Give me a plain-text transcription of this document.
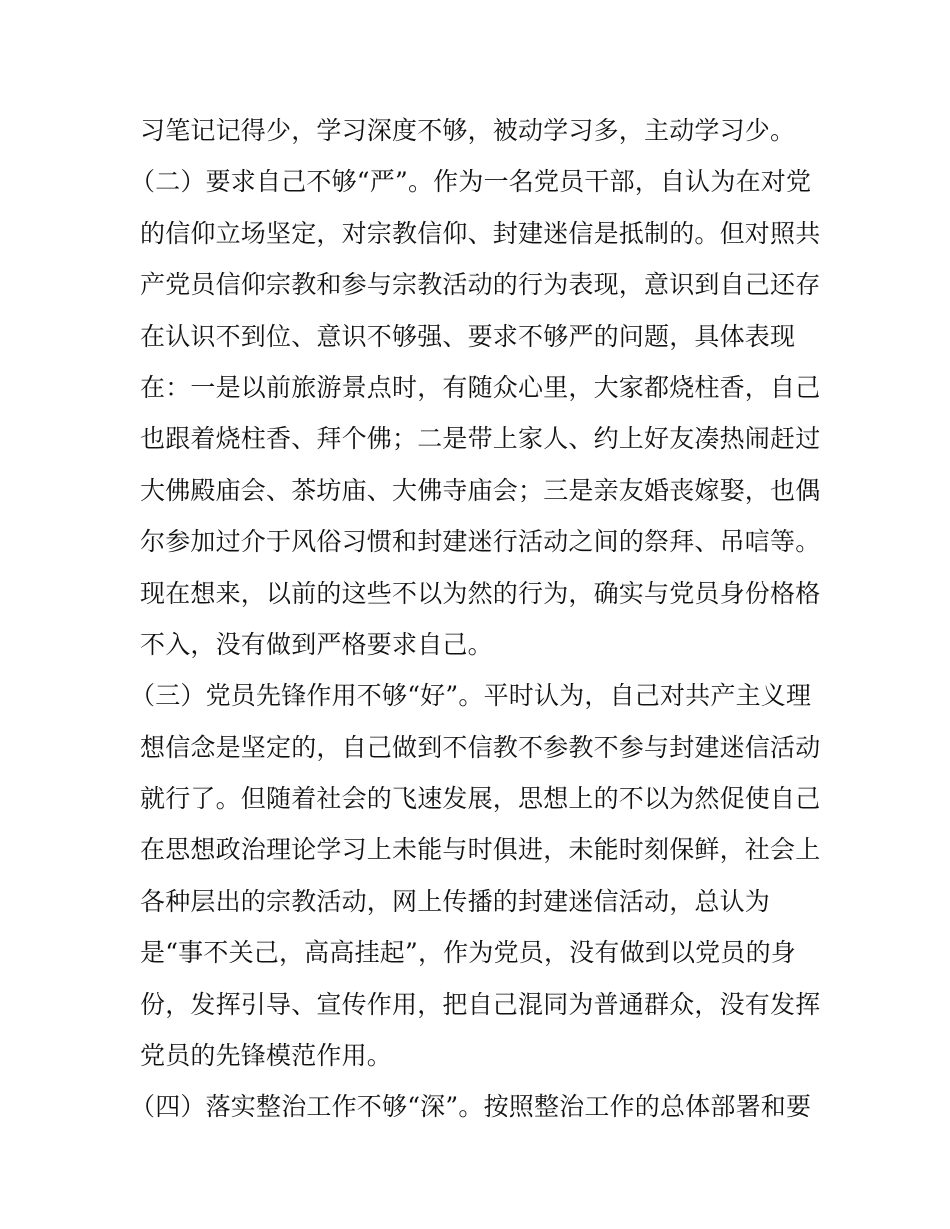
习笔记记得少，学习深度不够，被动学习多，主动学习少。
（二）要求自己不够“严”。作为一名党员干部，自认为在对党
的信仰立场坚定，对宗教信仰、封建迷信是抵制的。但对照共
产党员信仰宗教和参与宗教活动的行为表现，意识到自己还存
在认识不到位、意识不够强、要求不够严的问题，具体表现
在：一是以前旅游景点时，有随众心里，大家都烧柱香，自己
也跟着烧柱香、拜个佛；二是带上家人、约上好友凑热闹赶过
大佛殿庙会、茶坊庙、大佛寺庙会；三是亲友婚丧嫁娶，也偶
尔参加过介于风俗习惯和封建迷行活动之间的祭拜、吊唁等。
现在想来，以前的这些不以为然的行为，确实与党员身份格格
不入，没有做到严格要求自己。
（三）党员先锋作用不够“好”。平时认为，自己对共产主义理
想信念是坚定的，自己做到不信教不参教不参与封建迷信活动
就行了。但随着社会的飞速发展，思想上的不以为然促使自己
在思想政治理论学习上未能与时俱进，未能时刻保鲜，社会上
各种层出的宗教活动，网上传播的封建迷信活动，总认为
是“事不关己，高高挂起”，作为党员，没有做到以党员的身
份，发挥引导、宣传作用，把自己混同为普通群众，没有发挥
党员的先锋模范作用。
（四）落实整治工作不够“深”。按照整治工作的总体部署和要
